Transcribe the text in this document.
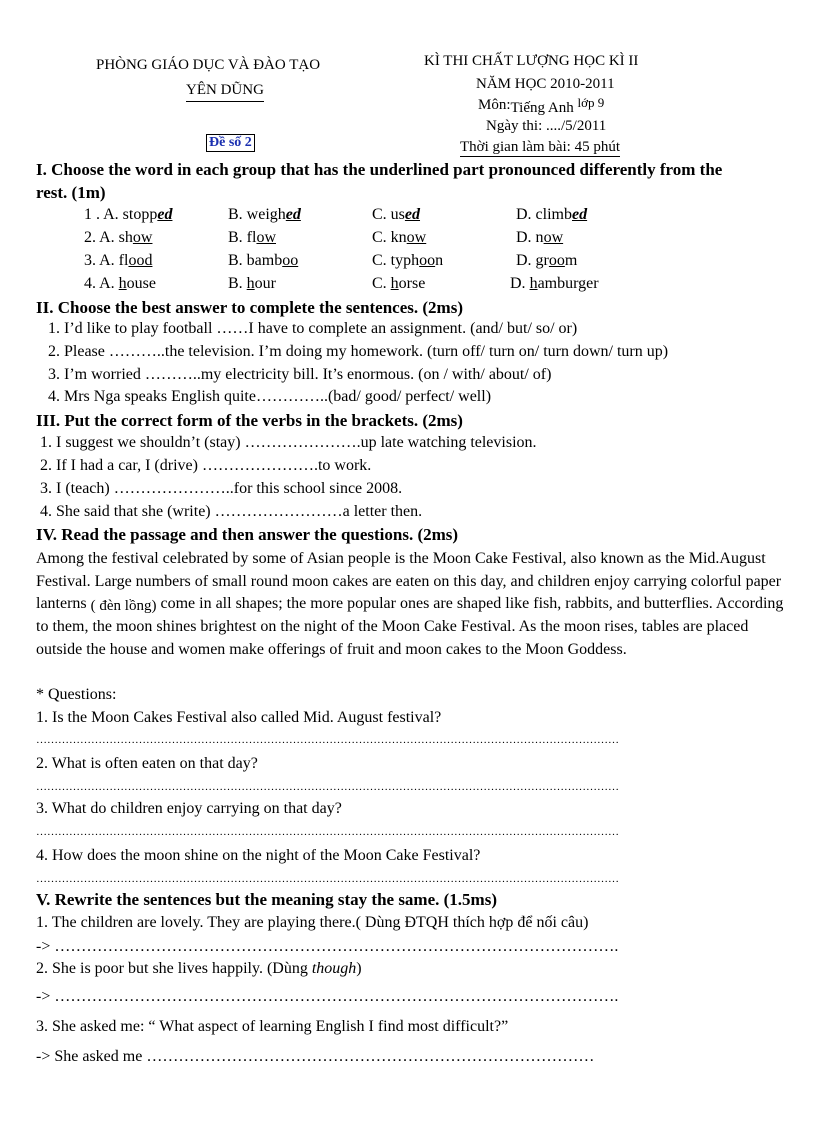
PHÒNG GIÁO DỤC VÀ ĐÀO TẠO
YÊN DŨNG
Đề số 2
KÌ THI CHẤT LƯỢNG HỌC KÌ II
NĂM HỌC 2010-2011
Môn:Tiếng Anh lớp 9
Ngày thi: ..../5/2011
Thời gian làm bài: 45 phút
I. Choose the word in each group that has the underlined part pronounced differently from the
rest. (1m)
1 . A. stopped	B. weighed	C. used	D. climbed
2. A. show	B. flow	C. know	D. now
3. A. flood	B. bamboo	C. typhoon	D. groom
4. A. house	B. hour	C. horse	D. hamburger
II. Choose the best answer to complete the sentences. (2ms)
1. I’d like to play football ……I have to complete an assignment. (and/ but/ so/ or)
2. Please ………..the television. I’m doing my homework. (turn off/ turn on/ turn down/ turn up)
3. I’m worried ………..my electricity bill. It’s enormous. (on / with/ about/ of)
4. Mrs Nga speaks English quite…………..(bad/ good/ perfect/ well)
III. Put the correct form of the verbs in the brackets. (2ms)
1. I suggest we shouldn’t (stay) ………………….up late watching television.
2. If I had a car, I (drive) ………………….to work.
3. I (teach) …………………..for this school since 2008.
4. She said that she (write) ……………………a letter then.
IV. Read the passage and then answer the questions. (2ms)
Among the festival celebrated by some of Asian people is the Moon Cake Festival, also known as the Mid.August Festival. Large numbers of small round moon cakes are eaten on this day, and children enjoy carrying colorful paper lanterns ( đèn lồng) come in all shapes; the more popular ones are shaped like fish, rabbits, and butterflies. According to them, the moon shines brightest on the night of the Moon Cake Festival. As the moon rises, tables are placed outside the house and women make offerings of fruit and moon cakes to the Moon Goddess.
* Questions:
1. Is the Moon Cakes Festival also called Mid. August festival?
……………………………………………………………………………………………………………………………………………
2. What is often eaten on that day?
……………………………………………………………………………………………………………………………………………
3. What do children enjoy carrying on that day?
……………………………………………………………………………………………………………………………………………
4. How does the moon shine on the night of the Moon Cake Festival?
……………………………………………………………………………………………………………………………………………
V. Rewrite the sentences but the meaning stay the same. (1.5ms)
1. The children are lovely. They are playing there.( Dùng ĐTQH thích hợp để nối câu)
-> …………………………………………………………………………………………….
2. She is poor but she lives happily. (Dùng though)
-> …………………………………………………………………………………………….
3. She asked me: “ What aspect of learning English I find most difficult?”
-> She asked me …………………………………………………………………………
